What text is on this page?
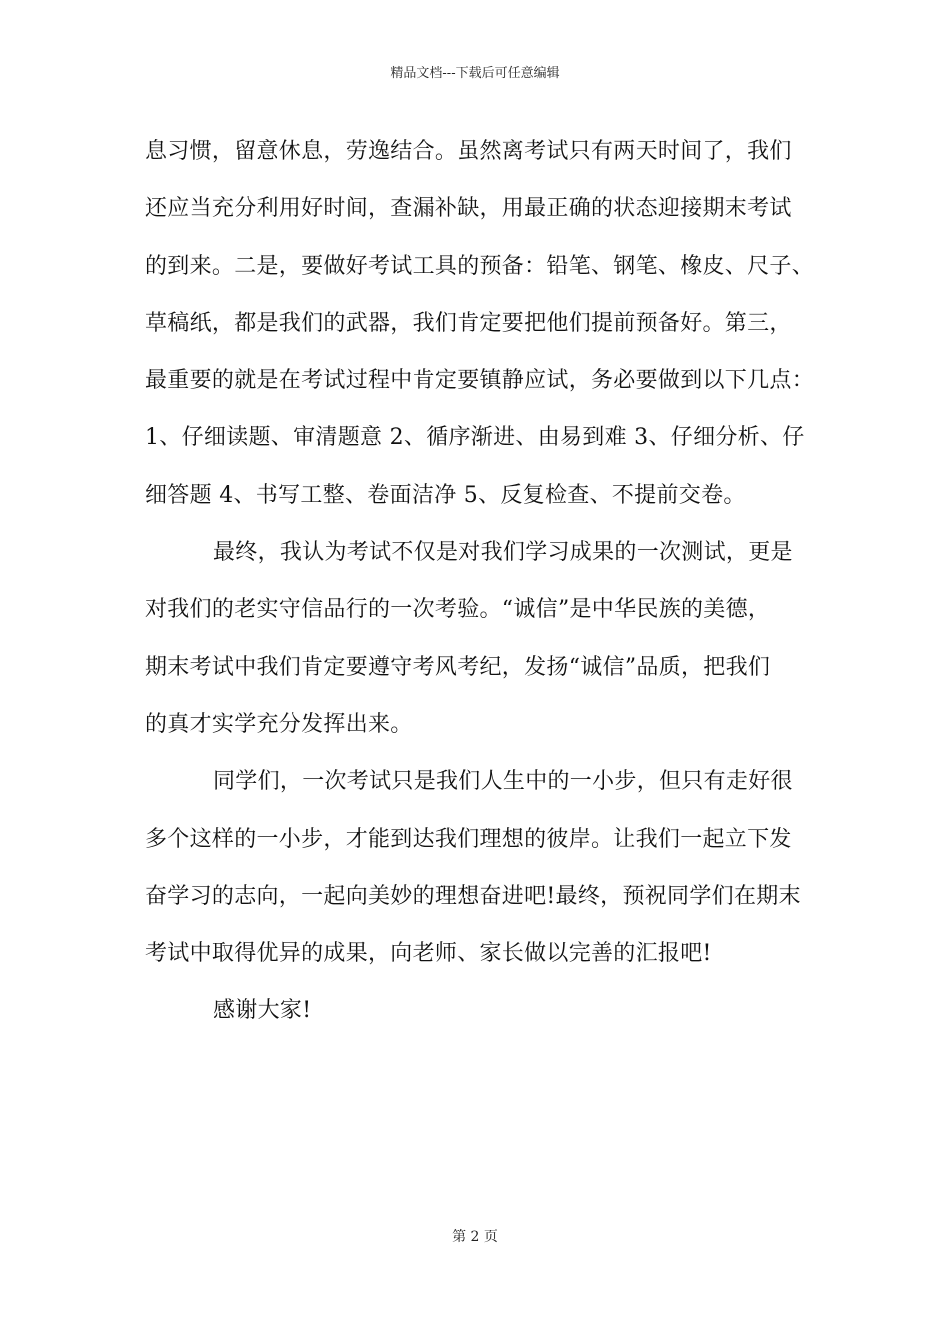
精品文档---下载后可任意编辑
息习惯，留意休息，劳逸结合。虽然离考试只有两天时间了，我们
还应当充分利用好时间，查漏补缺，用最正确的状态迎接期末考试
的到来。二是，要做好考试工具的预备：铅笔、钢笔、橡皮、尺子、
草稿纸，都是我们的武器，我们肯定要把他们提前预备好。第三，
最重要的就是在考试过程中肯定要镇静应试，务必要做到以下几点：
1、仔细读题、审清题意 2、循序渐进、由易到难 3、仔细分析、仔
细答题 4、书写工整、卷面洁净 5、反复检查、不提前交卷。
最终，我认为考试不仅是对我们学习成果的一次测试，更是
对我们的老实守信品行的一次考验。“诚信”是中华民族的美德，
期末考试中我们肯定要遵守考风考纪，发扬“诚信”品质，把我们
的真才实学充分发挥出来。
同学们，一次考试只是我们人生中的一小步，但只有走好很
多个这样的一小步，才能到达我们理想的彼岸。让我们一起立下发
奋学习的志向，一起向美妙的理想奋进吧!最终，预祝同学们在期末
考试中取得优异的成果，向老师、家长做以完善的汇报吧!
感谢大家!
第 2 页
